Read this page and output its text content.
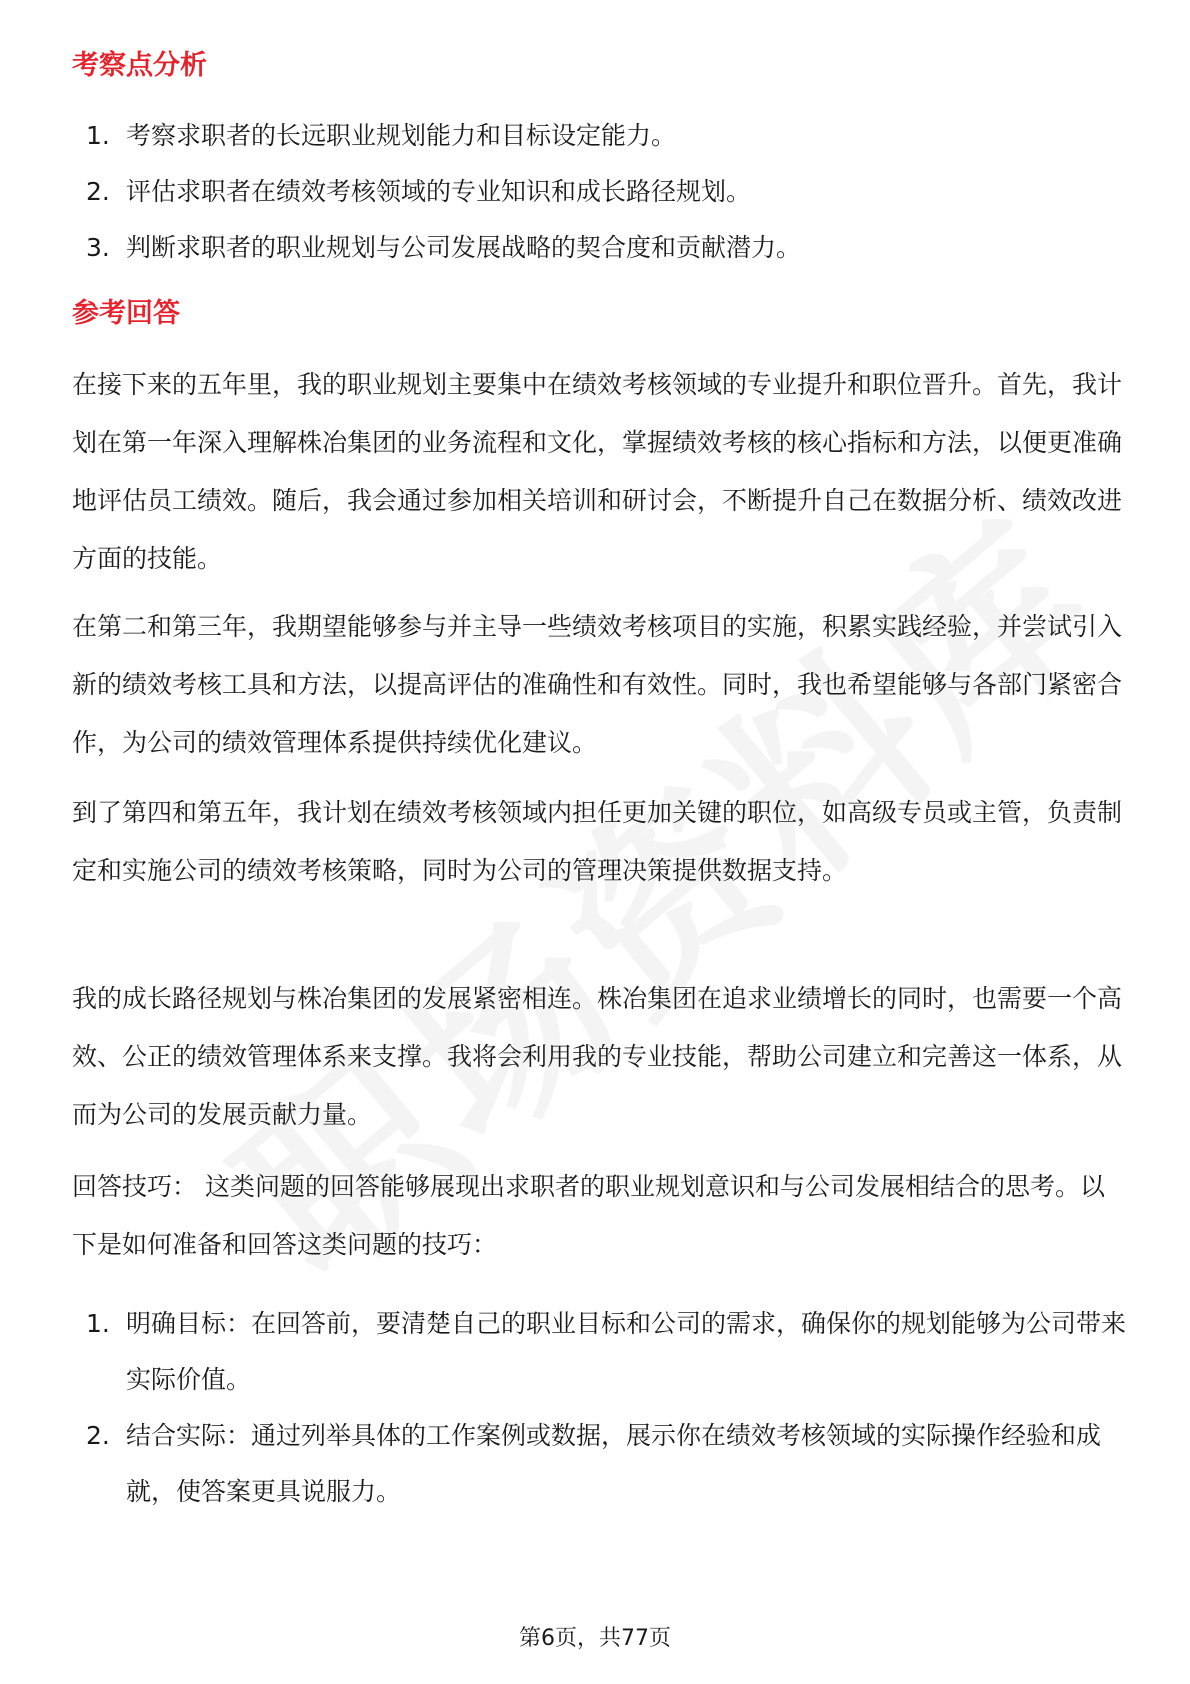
考察点分析
1. 考察求职者的长远职业规划能力和目标设定能力。
2. 评估求职者在绩效考核领域的专业知识和成长路径规划。
3. 判断求职者的职业规划与公司发展战略的契合度和贡献潜力。
参考回答

在接下来的五年里，我的职业规划主要集中在绩效考核领域的专业提升和职位晋升。首先，我计划在第一年深入理解株冶集团的业务流程和文化，掌握绩效考核的核心指标和方法，以便更准确地评估员工绩效。随后，我会通过参加相关培训和研讨会，不断提升自己在数据分析、绩效改进方面的技能。

在第二和第三年，我期望能够参与并主导一些绩效考核项目的实施，积累实践经验，并尝试引入新的绩效考核工具和方法，以提高评估的准确性和有效性。同时，我也希望能够与各部门紧密合作，为公司的绩效管理体系提供持续优化建议。

到了第四和第五年，我计划在绩效考核领域内担任更加关键的职位，如高级专员或主管，负责制定和实施公司的绩效考核策略，同时为公司的管理决策提供数据支持。

我的成长路径规划与株冶集团的发展紧密相连。株冶集团在追求业绩增长的同时，也需要一个高效、公正的绩效管理体系来支撑。我将会利用我的专业技能，帮助公司建立和完善这一体系，从而为公司的发展贡献力量。

回答技巧： 这类问题的回答能够展现出求职者的职业规划意识和与公司发展相结合的思考。以下是如何准备和回答这类问题的技巧：

1. 明确目标：在回答前，要清楚自己的职业目标和公司的需求，确保你的规划能够为公司带来实际价值。
2. 结合实际：通过列举具体的工作案例或数据，展示你在绩效考核领域的实际操作经验和成就，使答案更具说服力。
第6页，共77页
